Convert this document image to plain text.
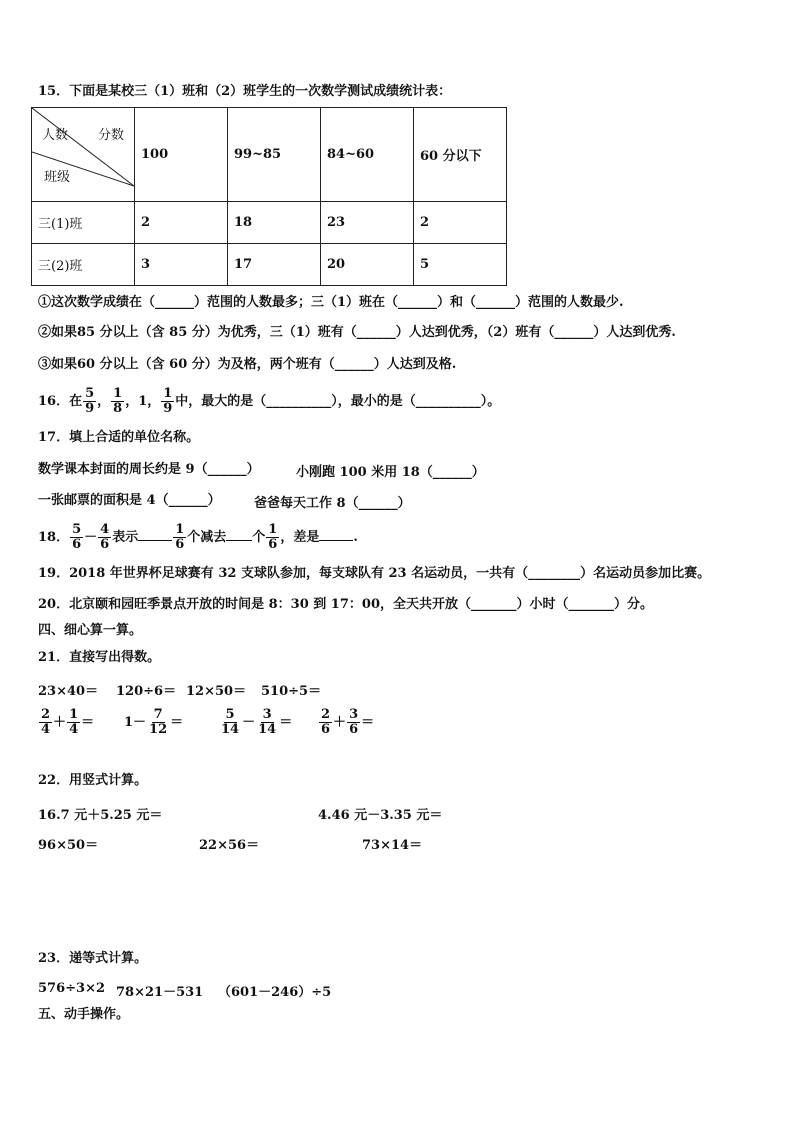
15．下面是某校三（1）班和（2）班学生的一次数学测试成绩统计表：
人数 分数
班级	100	99~85	84~60	60 分以下
三(1)班	2	18	23	2
三(2)班	3	17	20	5
①这次数学成绩在（______）范围的人数最多；三（1）班在（______）和（______）范围的人数最少.
②如果85 分以上（含 85 分）为优秀，三（1）班有（______）人达到优秀，（2）班有（______）人达到优秀.
③如果60 分以上（含 60 分）为及格，两个班有（______）人达到及格.
16．在 $\frac{5}{9}$ ， $\frac{1}{8}$ ，1， $\frac{1}{9}$ 中，最大的是（__________），最小的是（__________）。
17．填上合适的单位名称。
数学课本封面的周长约是 9（______）	小刚跑 100 米用 18（______）
一张邮票的面积是 4（______）	爸爸每天工作 8（______）
18． $\frac{5}{6} - \frac{4}{6}$ 表示	$\frac{1}{6}$ 个减去 个 $\frac{1}{6}$ ，差是	.
19．2018 年世界杯足球赛有 32 支球队参加，每支球队有 23 名运动员，一共有（________）名运动员参加比赛。
20．北京颐和园旺季景点开放的时间是 8：30 到 17：00，全天共开放（_______）小时（_______）分。
四、细心算一算。
21．直接写出得数。
23×40＝ 120÷6＝ 12×50＝ 510÷5＝
$\frac{2}{4} + \frac{1}{4} = 1- \frac{7}{12}$ ＝	$\frac{5}{14} - \frac{3}{14} = \frac{2}{6} + \frac{3}{6}$ ＝
22．用竖式计算。
16.7 元＋5.25 元＝	4.46 元－3.35 元＝
96×50＝	22×56＝	73×14＝
23．递等式计算。
576÷3×2 78×21－531 （601－246）÷5
五、动手操作。
